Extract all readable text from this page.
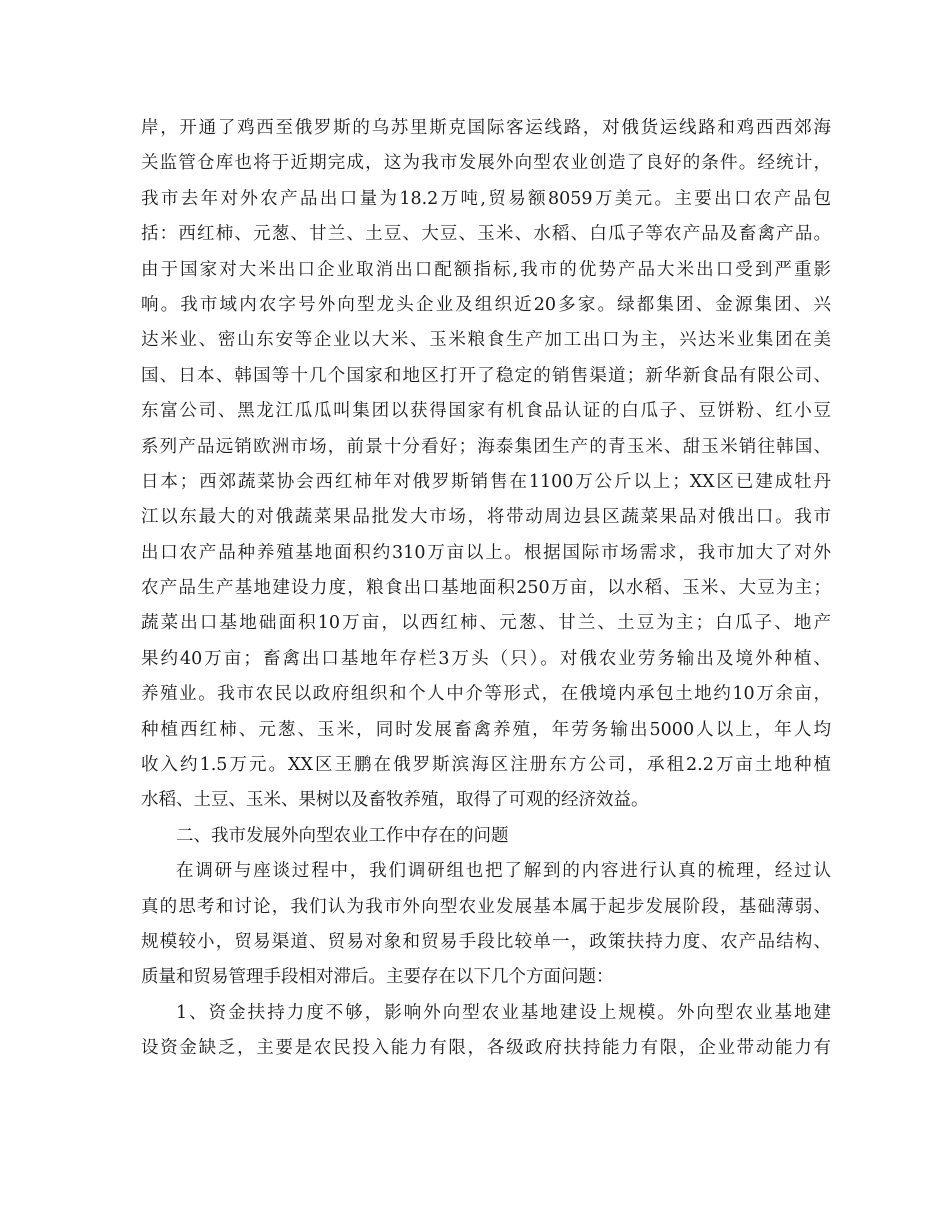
岸，开通了鸡西至俄罗斯的乌苏里斯克国际客运线路，对俄货运线路和鸡西西郊海
关监管仓库也将于近期完成，这为我市发展外向型农业创造了良好的条件。经统计，
我市去年对外农产品出口量为18.2万吨,贸易额8059万美元。主要出口农产品包
括：西红柿、元葱、甘兰、土豆、大豆、玉米、水稻、白瓜子等农产品及畜禽产品。
由于国家对大米出口企业取消出口配额指标,我市的优势产品大米出口受到严重影
响。我市域内农字号外向型龙头企业及组织近20多家。绿都集团、金源集团、兴
达米业、密山东安等企业以大米、玉米粮食生产加工出口为主，兴达米业集团在美
国、日本、韩国等十几个国家和地区打开了稳定的销售渠道；新华新食品有限公司、
东富公司、黑龙江瓜瓜叫集团以获得国家有机食品认证的白瓜子、豆饼粉、红小豆
系列产品远销欧洲市场，前景十分看好；海泰集团生产的青玉米、甜玉米销往韩国、
日本；西郊蔬菜协会西红柿年对俄罗斯销售在1100万公斤以上；XX区已建成牡丹
江以东最大的对俄蔬菜果品批发大市场，将带动周边县区蔬菜果品对俄出口。我市
出口农产品种养殖基地面积约310万亩以上。根据国际市场需求，我市加大了对外
农产品生产基地建设力度，粮食出口基地面积250万亩，以水稻、玉米、大豆为主；
蔬菜出口基地础面积10万亩，以西红柿、元葱、甘兰、土豆为主；白瓜子、地产
果约40万亩；畜禽出口基地年存栏3万头（只）。对俄农业劳务输出及境外种植、
养殖业。我市农民以政府组织和个人中介等形式，在俄境内承包土地约10万余亩，
种植西红柿、元葱、玉米，同时发展畜禽养殖，年劳务输出5000人以上，年人均
收入约1.5万元。XX区王鹏在俄罗斯滨海区注册东方公司，承租2.2万亩土地种植
水稻、土豆、玉米、果树以及畜牧养殖，取得了可观的经济效益。
二、我市发展外向型农业工作中存在的问题
在调研与座谈过程中，我们调研组也把了解到的内容进行认真的梳理，经过认
真的思考和讨论，我们认为我市外向型农业发展基本属于起步发展阶段，基础薄弱、
规模较小，贸易渠道、贸易对象和贸易手段比较单一，政策扶持力度、农产品结构、
质量和贸易管理手段相对滞后。主要存在以下几个方面问题：
1、资金扶持力度不够，影响外向型农业基地建设上规模。外向型农业基地建
设资金缺乏，主要是农民投入能力有限，各级政府扶持能力有限，企业带动能力有
